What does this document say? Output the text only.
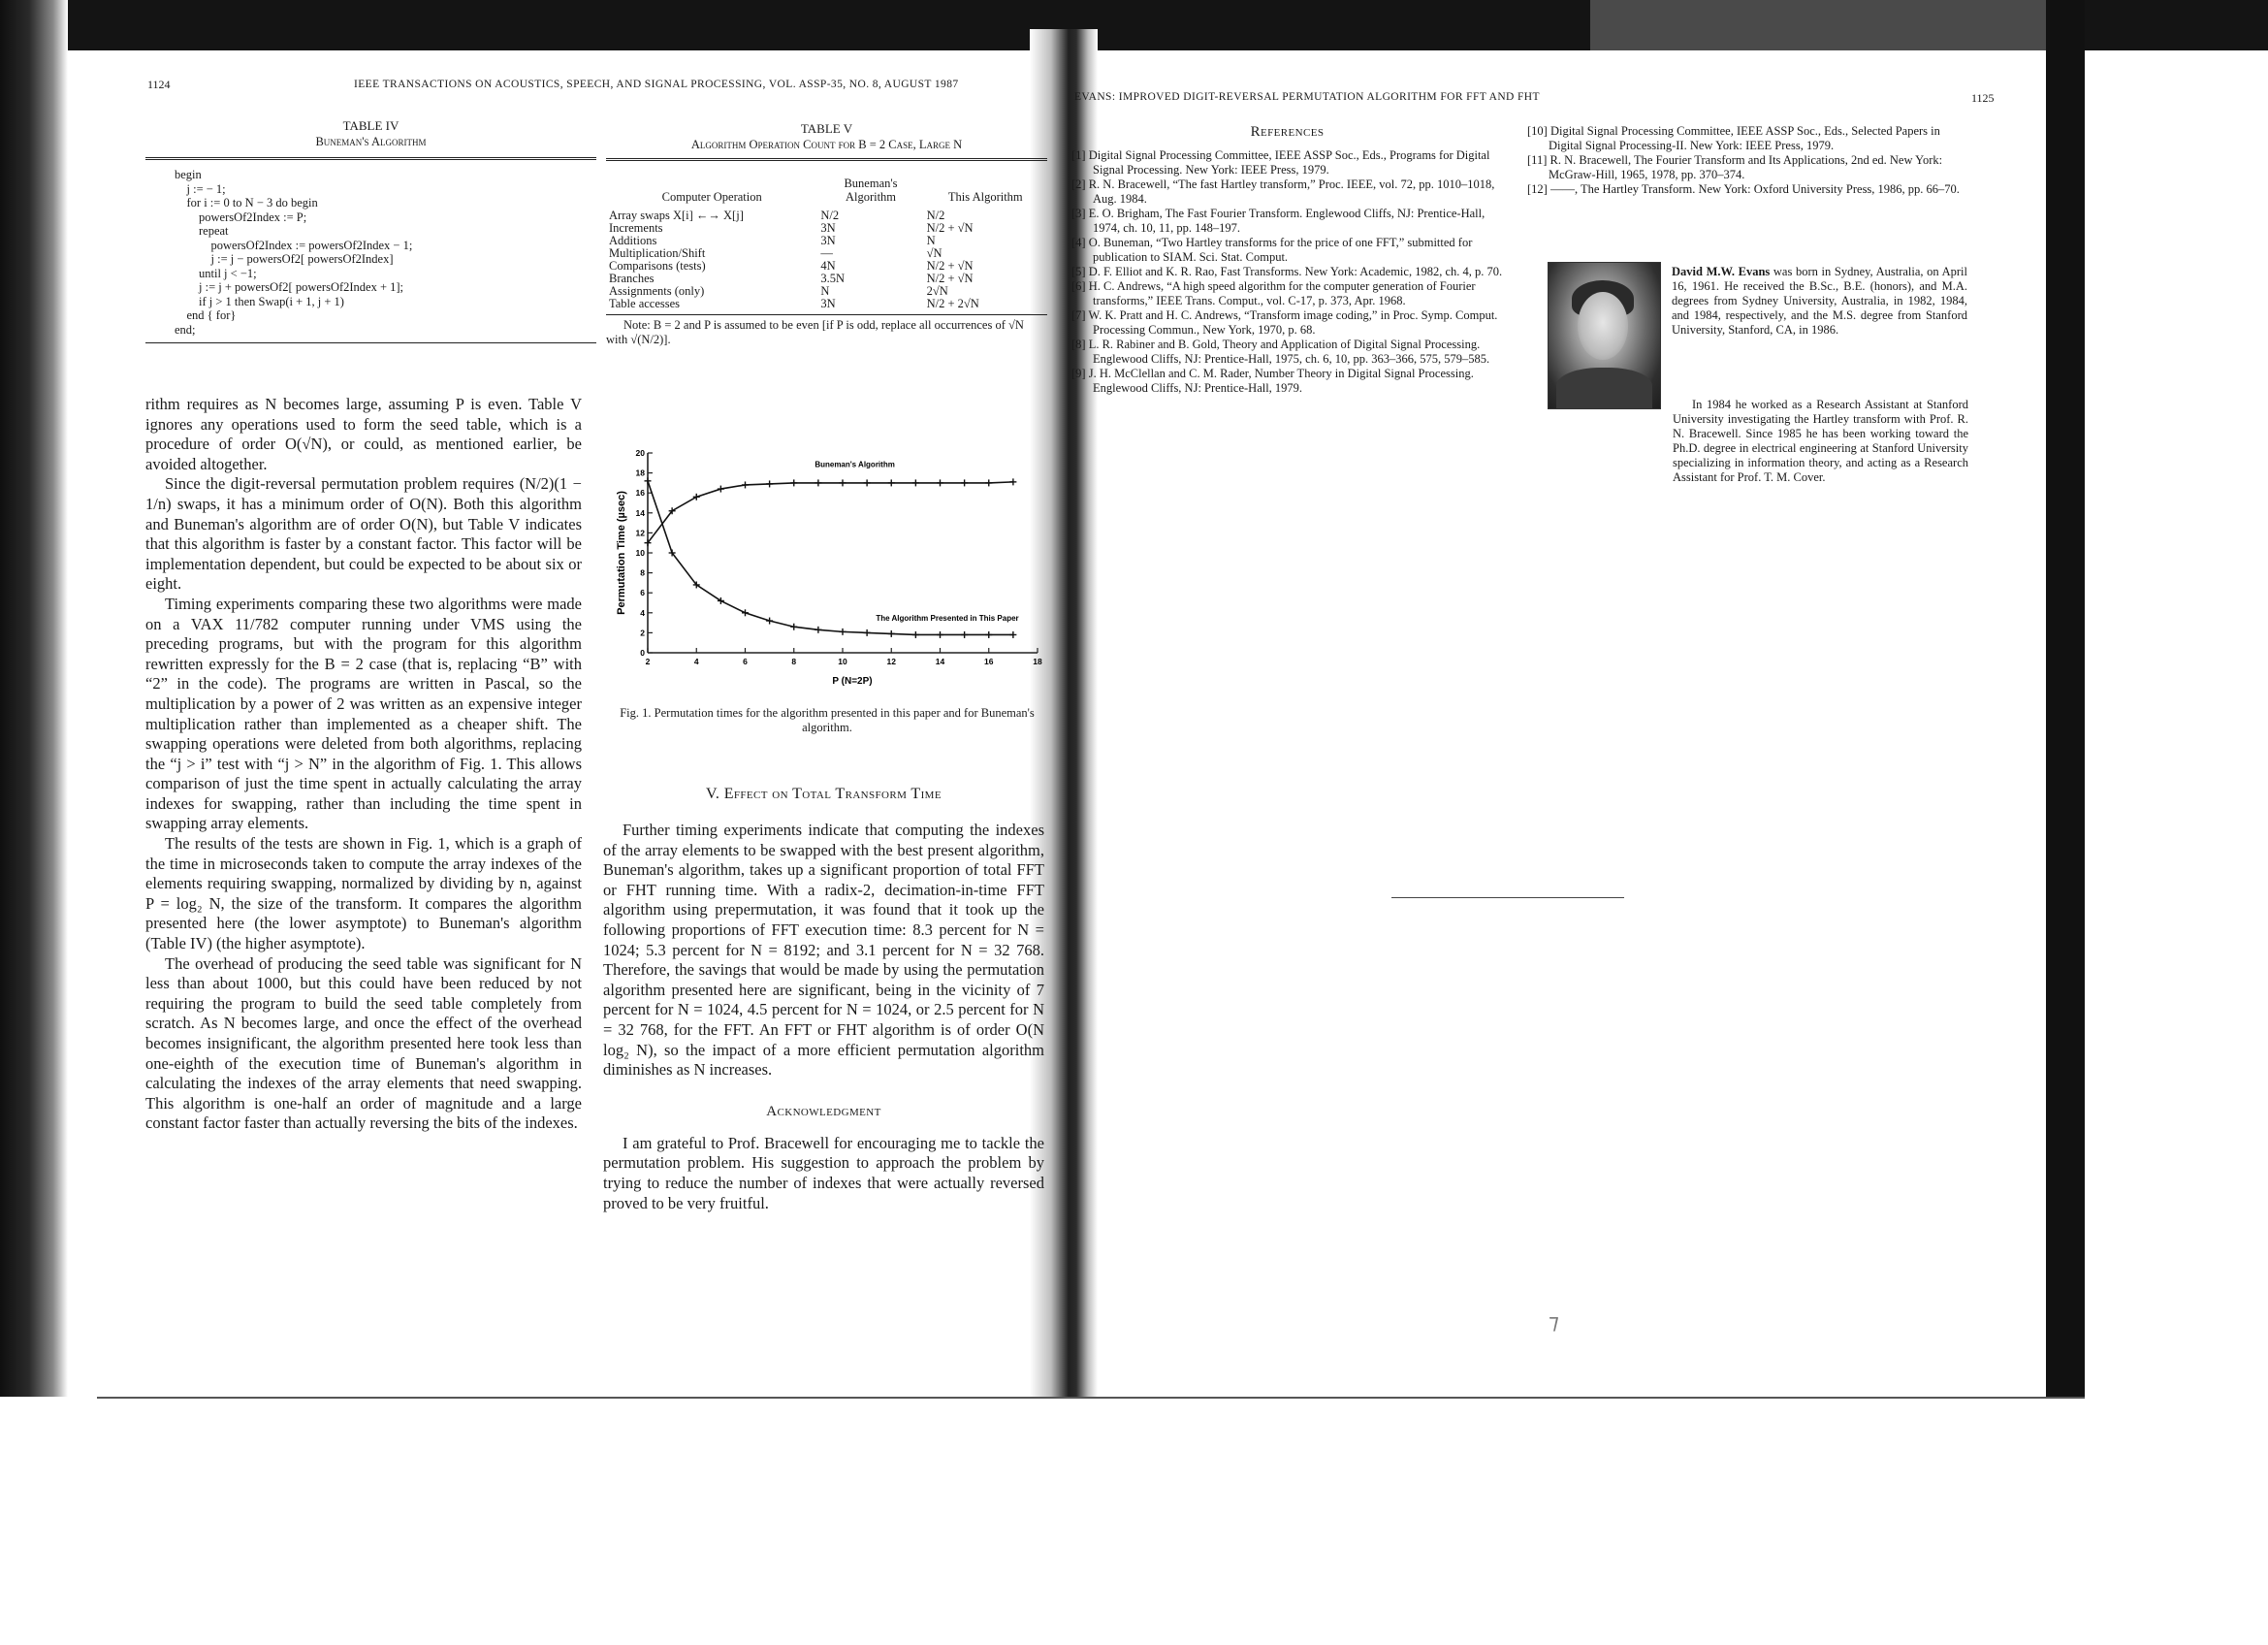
1124	IEEE TRANSACTIONS ON ACOUSTICS, SPEECH, AND SIGNAL PROCESSING, VOL. ASSP-35, NO. 8, AUGUST 1987
TABLE IV
Buneman's Algorithm
begin
j := − 1;
for i := 0 to N − 3 do begin
powersOf2Index := P;
repeat
powersOf2Index := powersOf2Index − 1;
j := j − powersOf2[ powersOf2Index]
until j < −1;
j := j + powersOf2[ powersOf2Index + 1];
if j > 1 then Swap(i + 1, j + 1)
end { for}
end;

rithm requires as N becomes large, assuming P is even. Table V ignores any operations used to form the seed table, which is a procedure of order O(√N), or could, as mentioned earlier, be avoided altogether.

Since the digit-reversal permutation problem requires (N/2)(1 − 1/n) swaps, it has a minimum order of O(N). Both this algorithm and Buneman's algorithm are of order O(N), but Table V indicates that this algorithm is faster by a constant factor. This factor will be implementation dependent, but could be expected to be about six or eight.

Timing experiments comparing these two algorithms were made on a VAX 11/782 computer running under VMS using the preceding programs, but with the program for this algorithm rewritten expressly for the B = 2 case (that is, replacing “B” with “2” in the code). The programs are written in Pascal, so the multiplication by a power of 2 was written as an expensive integer multiplication rather than implemented as a cheaper shift. The swapping operations were deleted from both algorithms, replacing the “j > i” test with “j > N” in the algorithm of Fig. 1. This allows comparison of just the time spent in actually calculating the array indexes for swapping, rather than including the time spent in swapping array elements.

The results of the tests are shown in Fig. 1, which is a graph of the time in microseconds taken to compute the array indexes of the elements requiring swapping, normalized by dividing by n, against P = log₂ N, the size of the transform. It compares the algorithm presented here (the lower asymptote) to Buneman's algorithm (Table IV) (the higher asymptote).

The overhead of producing the seed table was significant for N less than about 1000, but this could have been reduced by not requiring the program to build the seed table completely from scratch. As N becomes large, and once the effect of the overhead becomes insignificant, the algorithm presented here took less than one-eighth of the execution time of Buneman's algorithm in calculating the indexes of the array elements that need swapping. This algorithm is one-half an order of magnitude and a large constant factor faster than actually reversing the bits of the indexes.

TABLE V
Algorithm Operation Count for B = 2 Case, Large N
Computer Operation	Buneman's Algorithm	This Algorithm
Array swaps X[i] ←→ X[j]	N/2	N/2
Increments	3N	N/2 + √N
Additions	3N	N
Multiplication/Shift	—	√N
Comparisons (tests)	4N	N/2 + √N
Branches	3.5N	N/2 + √N
Assignments (only)	N	2√N
Table accesses	3N	N/2 + 2√N
Note: B = 2 and P is assumed to be even [if P is odd, replace all occurrences of √N with √(N/2)].
0
2
4
6
8
10
12
14
16
18
20
2	4	6	8	10	12	14	16	18
P (N=2P)
Permutation Time (µsec)
Buneman's Algorithm
The Algorithm Presented in This Paper
Fig. 1. Permutation times for the algorithm presented in this paper and for Buneman's algorithm.
V. Effect on Total Transform Time

Further timing experiments indicate that computing the indexes of the array elements to be swapped with the best present algorithm, Buneman's algorithm, takes up a significant proportion of total FFT or FHT running time. With a radix-2, decimation-in-time FFT algorithm using prepermutation, it was found that it took up the following proportions of FFT execution time: 8.3 percent for N = 1024; 5.3 percent for N = 8192; and 3.1 percent for N = 32 768. Therefore, the savings that would be made by using the permutation algorithm presented here are significant, being in the vicinity of 7 percent for N = 1024, 4.5 percent for N = 1024, or 2.5 percent for N = 32 768, for the FFT. An FFT or FHT algorithm is of order O(N log₂ N), so the impact of a more efficient permutation algorithm diminishes as N increases.

Acknowledgment

I am grateful to Prof. Bracewell for encouraging me to tackle the permutation problem. His suggestion to approach the problem by trying to reduce the number of indexes that were actually reversed proved to be very fruitful.

EVANS: IMPROVED DIGIT-REVERSAL PERMUTATION ALGORITHM FOR FFT AND FHT	1125
References

[1] Digital Signal Processing Committee, IEEE ASSP Soc., Eds., Programs for Digital Signal Processing. New York: IEEE Press, 1979.

[2] R. N. Bracewell, “The fast Hartley transform,” Proc. IEEE, vol. 72, pp. 1010–1018, Aug. 1984.

[3] E. O. Brigham, The Fast Fourier Transform. Englewood Cliffs, NJ: Prentice-Hall, 1974, ch. 10, 11, pp. 148–197.

[4] O. Buneman, “Two Hartley transforms for the price of one FFT,” submitted for publication to SIAM. Sci. Stat. Comput.

[5] D. F. Elliot and K. R. Rao, Fast Transforms. New York: Academic, 1982, ch. 4, p. 70.

[6] H. C. Andrews, “A high speed algorithm for the computer generation of Fourier transforms,” IEEE Trans. Comput., vol. C-17, p. 373, Apr. 1968.

[7] W. K. Pratt and H. C. Andrews, “Transform image coding,” in Proc. Symp. Comput. Processing Commun., New York, 1970, p. 68.

[8] L. R. Rabiner and B. Gold, Theory and Application of Digital Signal Processing. Englewood Cliffs, NJ: Prentice-Hall, 1975, ch. 6, 10, pp. 363–366, 575, 579–585.

[9] J. H. McClellan and C. M. Rader, Number Theory in Digital Signal Processing. Englewood Cliffs, NJ: Prentice-Hall, 1979.

[10] Digital Signal Processing Committee, IEEE ASSP Soc., Eds., Selected Papers in Digital Signal Processing-II. New York: IEEE Press, 1979.

[11] R. N. Bracewell, The Fourier Transform and Its Applications, 2nd ed. New York: McGraw-Hill, 1965, 1978, pp. 370–374.

[12] ——, The Hartley Transform. New York: Oxford University Press, 1986, pp. 66–70.

David M.W. Evans was born in Sydney, Australia, on April 16, 1961. He received the B.Sc., B.E. (honors), and M.A. degrees from Sydney University, Australia, in 1982, 1984, and 1984, respectively, and the M.S. degree from Stanford University, Stanford, CA, in 1986.

In 1984 he worked as a Research Assistant at Stanford University investigating the Hartley transform with Prof. R. N. Bracewell. Since 1985 he has been working toward the Ph.D. degree in electrical engineering at Stanford University specializing in information theory, and acting as a Research Assistant for Prof. T. M. Cover.

⁊
